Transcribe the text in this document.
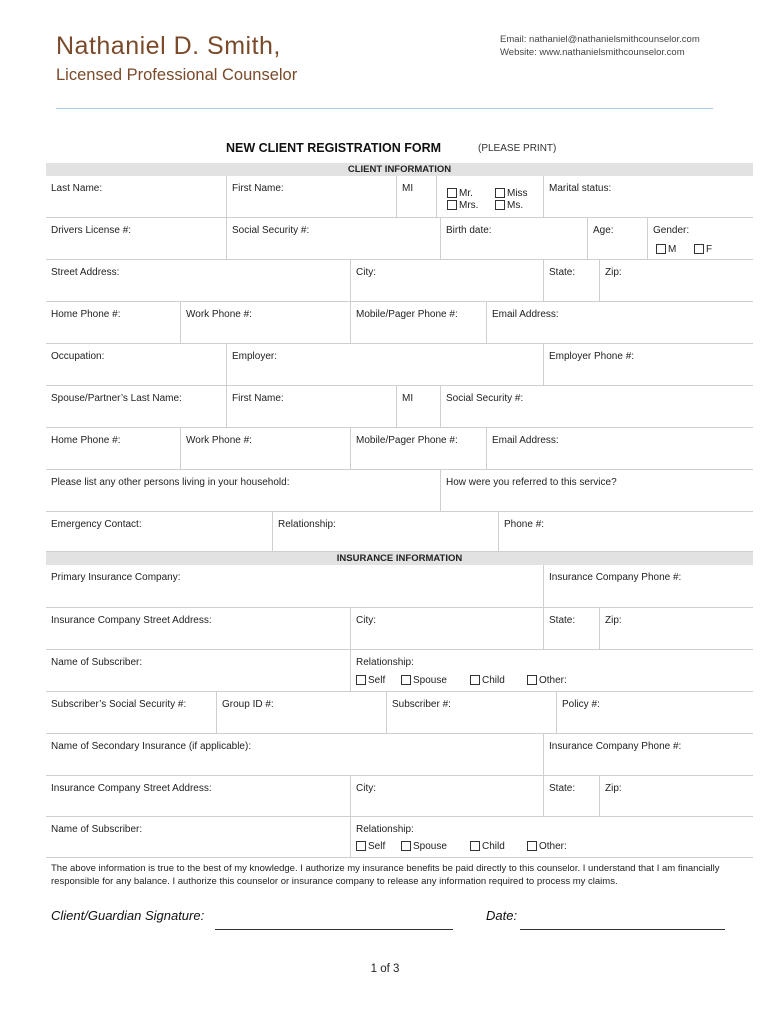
Nathaniel D. Smith,
Licensed Professional Counselor
Email: nathaniel@nathanielsmithcounselor.com
Website: www.nathanielsmithcounselor.com
NEW CLIENT REGISTRATION FORM	(PLEASE PRINT)
CLIENT INFORMATION
Last Name:	First Name:	MI	Marital status:
Mr.	Miss
Mrs.	Ms.
Drivers License #:	Social Security #:	Birth date:	Age:	Gender:
M	F
Street Address:	City:	State:	Zip:
Home Phone #:	Work Phone #:	Mobile/Pager Phone #:	Email Address:
Occupation:	Employer:	Employer Phone #:
Spouse/Partner’s Last Name:	First Name:	MI	Social Security #:
Home Phone #:	Work Phone #:	Mobile/Pager Phone #:	Email Address:
Please list any other persons living in your household:	How were you referred to this service?
Emergency Contact:	Relationship:	Phone #:
INSURANCE INFORMATION
Primary Insurance Company:	Insurance Company Phone #:
Insurance Company Street Address:	City:	State:	Zip:
Name of Subscriber:	Relationship:
Self	Spouse	Child	Other:
Subscriber’s Social Security #:	Group ID #:	Subscriber #:	Policy #:
Name of Secondary Insurance (if applicable):	Insurance Company Phone #:
Insurance Company Street Address:	City:	State:	Zip:
Name of Subscriber:	Relationship:
Self	Spouse	Child	Other:
The above information is true to the best of my knowledge. I authorize my insurance benefits be paid directly to this counselor. I understand that I am financially responsible for any balance. I authorize this counselor or insurance company to release any information required to process my claims.
Client/Guardian Signature:	Date:
1 of 3
